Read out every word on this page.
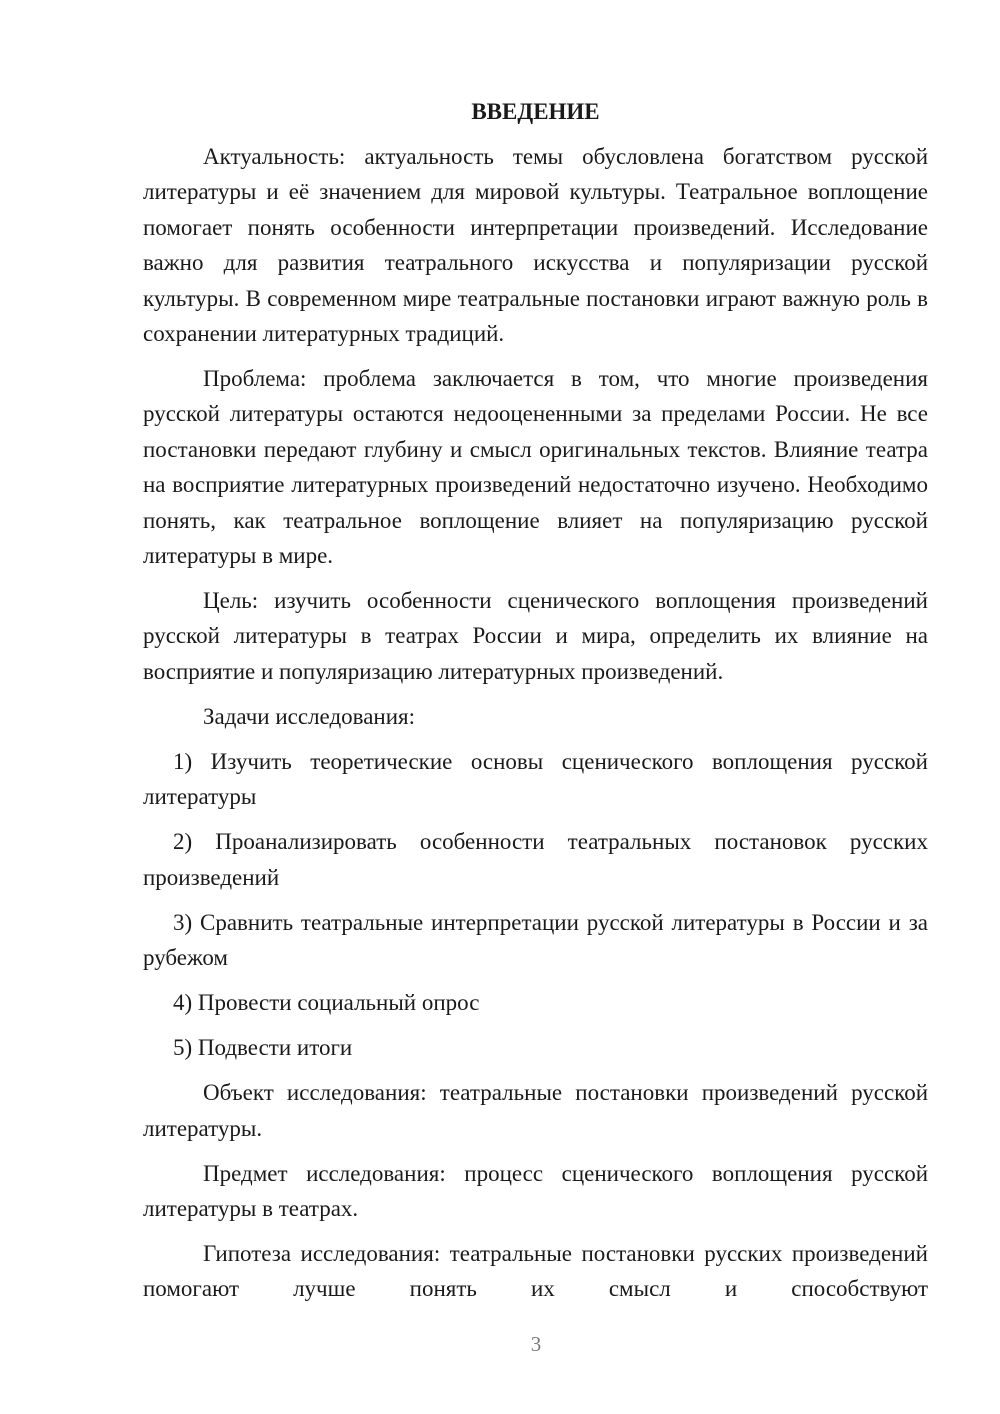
ВВЕДЕНИЕ

Актуальность: актуальность темы обусловлена богатством русской литературы и её значением для мировой культуры. Театральное воплощение помогает понять особенности интерпретации произведений. Исследование важно для развития театрального искусства и популяризации русской культуры. В современном мире театральные постановки играют важную роль в сохранении литературных традиций.

Проблема: проблема заключается в том, что многие произведения русской литературы остаются недооцененными за пределами России. Не все постановки передают глубину и смысл оригинальных текстов. Влияние театра на восприятие литературных произведений недостаточно изучено. Необходимо понять, как театральное воплощение влияет на популяризацию русской литературы в мире.

Цель: изучить особенности сценического воплощения произведений русской литературы в театрах России и мира, определить их влияние на восприятие и популяризацию литературных произведений.

Задачи исследования:

1) Изучить теоретические основы сценического воплощения русской литературы

2) Проанализировать особенности театральных постановок русских произведений

3) Сравнить театральные интерпретации русской литературы в России и за рубежом

4) Провести социальный опрос

5) Подвести итоги

Объект исследования: театральные постановки произведений русской литературы.

Предмет исследования: процесс сценического воплощения русской литературы в театрах.

Гипотеза исследования: театральные постановки русских произведений помогают лучше понять их смысл и способствуют

3
